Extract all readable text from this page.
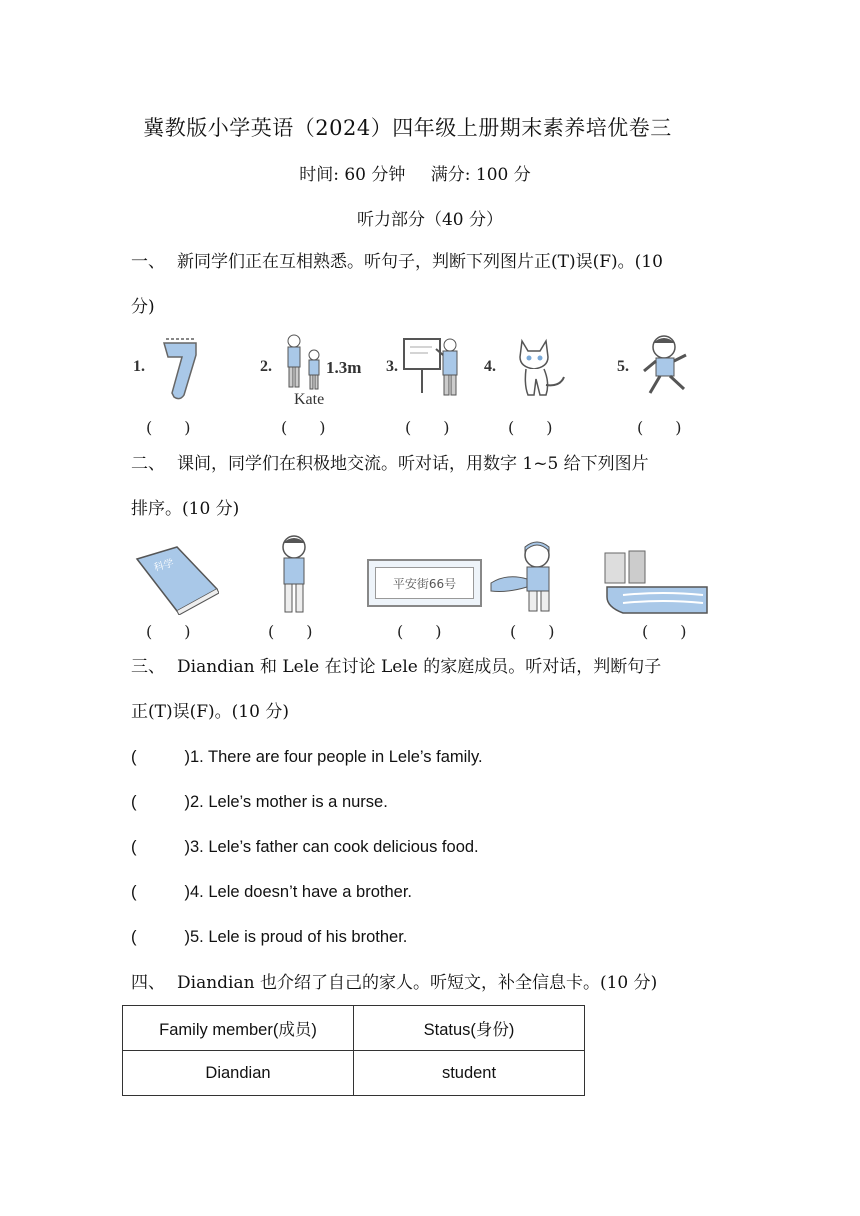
冀教版小学英语（2024）四年级上册期末素养培优卷三
时间: 60 分钟 满分: 100 分
听力部分（40 分）
一、 新同学们正在互相熟悉。听句子，判断下列图片正(T)误(F)。(10
分)
1.	2.	1.3m
Kate
3.	4.	5.
(　　)	(　　)	(　　)	(　　)	(　　)
二、 课间，同学们在积极地交流。听对话，用数字 1~5 给下列图片
排序。(10 分)
科学
平安街66号
(　　)	(　　)	(　　)	(　　)	(　　)
三、 Diandian 和 Lele 在讨论 Lele 的家庭成员。听对话，判断句子
正(T)误(F)。(10 分)
(	)1. There are four people in Lele’s family.
(	)2. Lele’s mother is a nurse.
(	)3. Lele’s father can cook delicious food.
(	)4. Lele doesn’t have a brother.
(	)5. Lele is proud of his brother.
四、 Diandian 也介绍了自己的家人。听短文，补全信息卡。(10 分)
Family member(成员)	Status(身份)
Diandian	student
